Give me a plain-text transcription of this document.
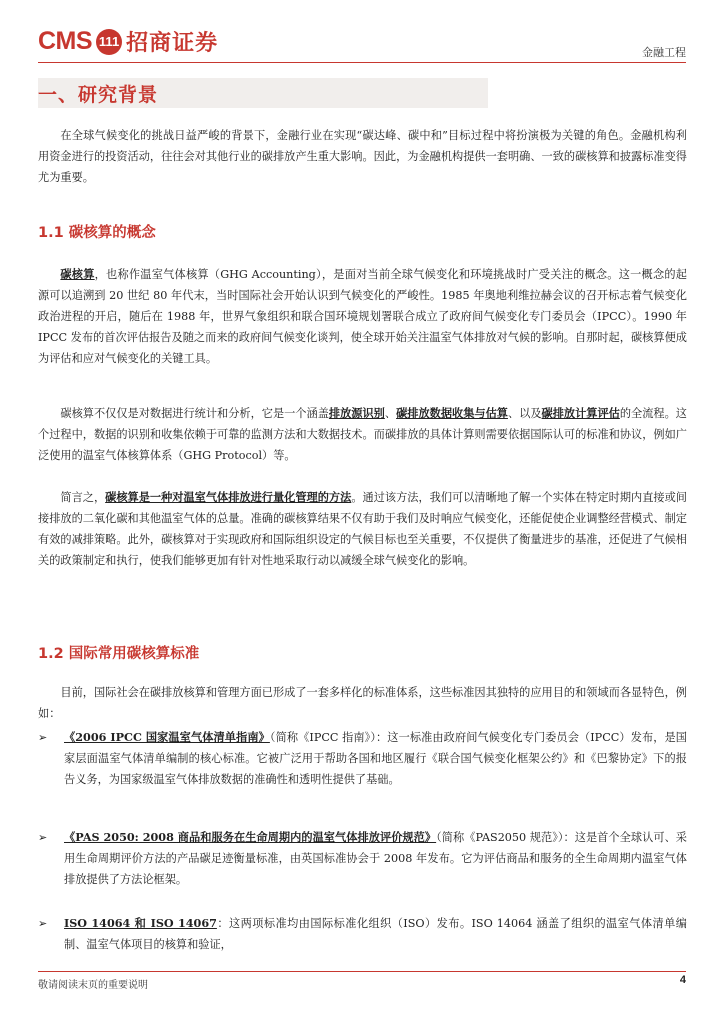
CMS 111 招商证券	金融工程
一、研究背景
在全球气候变化的挑战日益严峻的背景下，金融行业在实现“碳达峰、碳中和”目标过程中将扮演极为关键的角色。金融机构利用资金进行的投资活动，往往会对其他行业的碳排放产生重大影响。因此，为金融机构提供一套明确、一致的碳核算和披露标准变得尤为重要。
1.1 碳核算的概念
碳核算，也称作温室气体核算（GHG Accounting），是面对当前全球气候变化和环境挑战时广受关注的概念。这一概念的起源可以追溯到 20 世纪 80 年代末，当时国际社会开始认识到气候变化的严峻性。1985 年奥地利维拉赫会议的召开标志着气候变化政治进程的开启，随后在 1988 年，世界气象组织和联合国环境规划署联合成立了政府间气候变化专门委员会（IPCC）。1990 年 IPCC 发布的首次评估报告及随之而来的政府间气候变化谈判，使全球开始关注温室气体排放对气候的影响。自那时起，碳核算便成为评估和应对气候变化的关键工具。
碳核算不仅仅是对数据进行统计和分析，它是一个涵盖排放源识别、碳排放数据收集与估算、以及碳排放计算评估的全流程。这个过程中，数据的识别和收集依赖于可靠的监测方法和大数据技术。而碳排放的具体计算则需要依据国际认可的标准和协议，例如广泛使用的温室气体核算体系（GHG Protocol）等。
简言之，碳核算是一种对温室气体排放进行量化管理的方法。通过该方法，我们可以清晰地了解一个实体在特定时期内直接或间接排放的二氧化碳和其他温室气体的总量。准确的碳核算结果不仅有助于我们及时响应气候变化，还能促使企业调整经营模式、制定有效的减排策略。此外，碳核算对于实现政府和国际组织设定的气候目标也至关重要，不仅提供了衡量进步的基准，还促进了气候相关的政策制定和执行，使我们能够更加有针对性地采取行动以减缓全球气候变化的影响。
1.2 国际常用碳核算标准
目前，国际社会在碳排放核算和管理方面已形成了一套多样化的标准体系，这些标准因其独特的应用目的和领域而各显特色，例如：
➢ 《2006 IPCC 国家温室气体清单指南》（简称《IPCC 指南》）：这一标准由政府间气候变化专门委员会（IPCC）发布，是国家层面温室气体清单编制的核心标准。它被广泛用于帮助各国和地区履行《联合国气候变化框架公约》和《巴黎协定》下的报告义务，为国家级温室气体排放数据的准确性和透明性提供了基础。
➢ 《PAS 2050: 2008 商品和服务在生命周期内的温室气体排放评价规范》（简称《PAS2050 规范》）：这是首个全球认可、采用生命周期评价方法的产品碳足迹衡量标准，由英国标准协会于 2008 年发布。它为评估商品和服务的全生命周期内温室气体排放提供了方法论框架。
➢ ISO 14064 和 ISO 14067：这两项标准均由国际标准化组织（ISO）发布。ISO 14064 涵盖了组织的温室气体清单编制、温室气体项目的核算和验证，
敬请阅读末页的重要说明	4
